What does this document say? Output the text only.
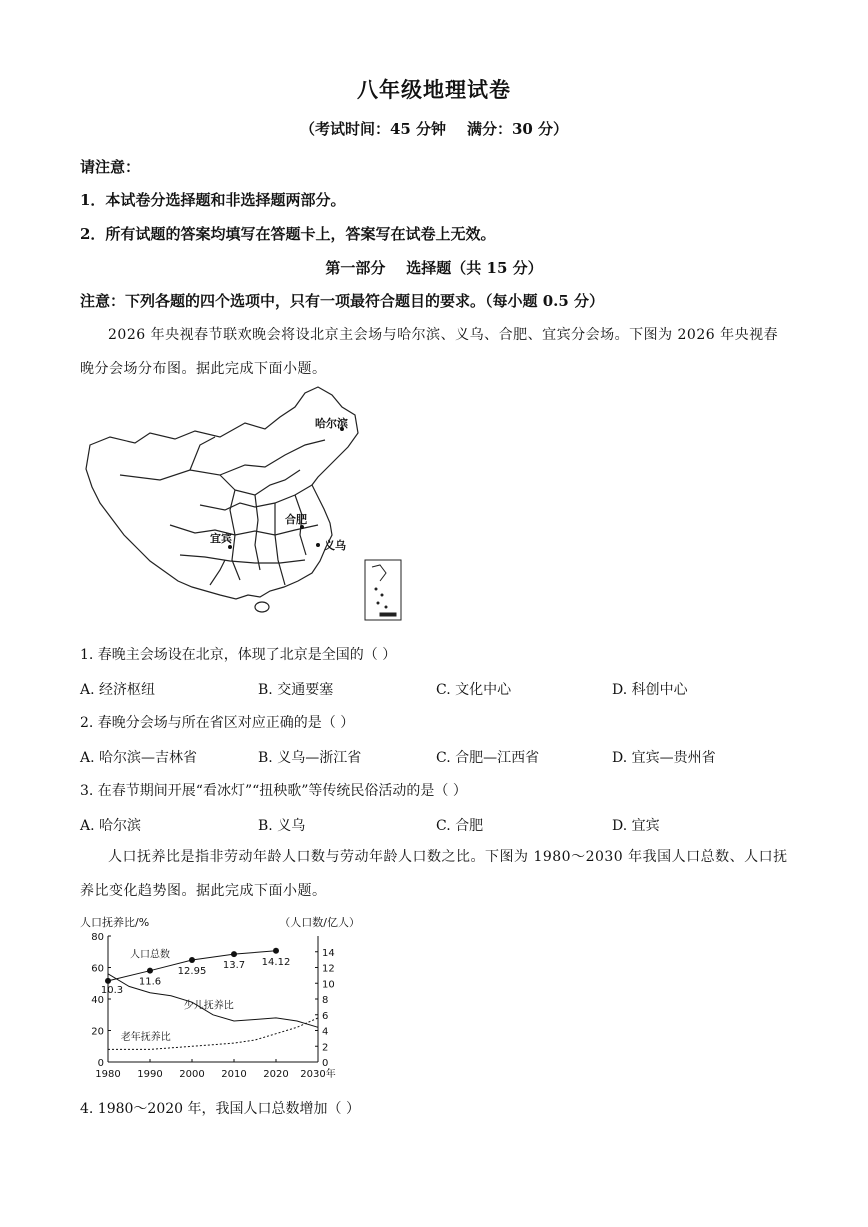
八年级地理试卷
（考试时间：45 分钟    满分：30 分）
请注意：
1．本试卷分选择题和非选择题两部分。
2．所有试题的答案均填写在答题卡上，答案写在试卷上无效。
第一部分    选择题（共 15 分）
注意：下列各题的四个选项中，只有一项最符合题目的要求。（每小题 0.5 分）
2026 年央视春节联欢晚会将设北京主会场与哈尔滨、义乌、合肥、宜宾分会场。下图为 2026 年央视春晚分会场分布图。据此完成下面小题。
哈尔滨
合肥
义乌
宜宾
1. 春晚主会场设在北京，体现了北京是全国的（ ）
A. 经济枢纽	B. 交通要塞	C. 文化中心	D. 科创中心
2. 春晚分会场与所在省区对应正确的是（ ）
A. 哈尔滨—吉林省	B. 义乌—浙江省	C. 合肥—江西省	D. 宜宾—贵州省
3. 在春节期间开展“看冰灯”“扭秧歌”等传统民俗活动的是（ ）
A. 哈尔滨	B. 义乌	C. 合肥	D. 宜宾
人口抚养比是指非劳动年龄人口数与劳动年龄人口数之比。下图为 1980～2030 年我国人口总数、人口抚养比变化趋势图。据此完成下面小题。
人口抚养比/%	（人口数/亿人）
0
20
40
60
80
0
2
4
6
8
10
12
14
1980 1990 2000 2010 2020 2030年
10.3
11.6
12.95
13.7 14.12
人口总数
少儿抚养比
老年抚养比
4. 1980～2020 年，我国人口总数增加（ ）
